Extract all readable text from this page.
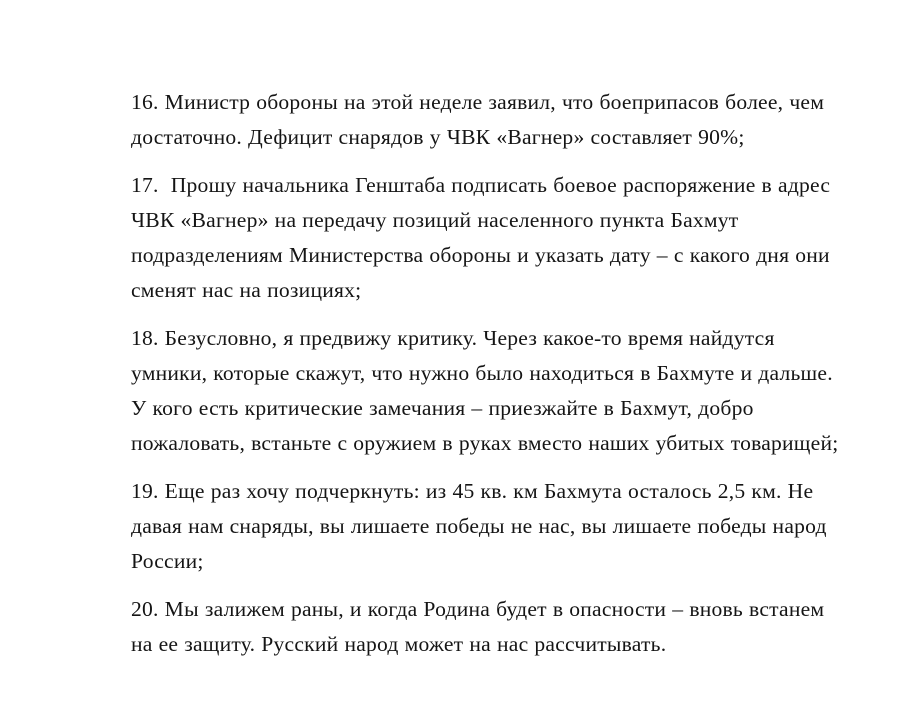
16. Министр обороны на этой неделе заявил, что боеприпасов более, чем достаточно. Дефицит снарядов у ЧВК «Вагнер» составляет 90%;

17.  Прошу начальника Генштаба подписать боевое распоряжение в адрес ЧВК «Вагнер» на передачу позиций населенного пункта Бахмут подразделениям Министерства обороны и указать дату – с какого дня они сменят нас на позициях;

18. Безусловно, я предвижу критику. Через какое-то время найдутся умники, которые скажут, что нужно было находиться в Бахмуте и дальше. У кого есть критические замечания – приезжайте в Бахмут, добро пожаловать, встаньте с оружием в руках вместо наших убитых товарищей;

19. Еще раз хочу подчеркнуть: из 45 кв. км Бахмута осталось 2,5 км. Не давая нам снаряды, вы лишаете победы не нас, вы лишаете победы народ России;

20. Мы залижем раны, и когда Родина будет в опасности – вновь встанем на ее защиту. Русский народ может на нас рассчитывать.
